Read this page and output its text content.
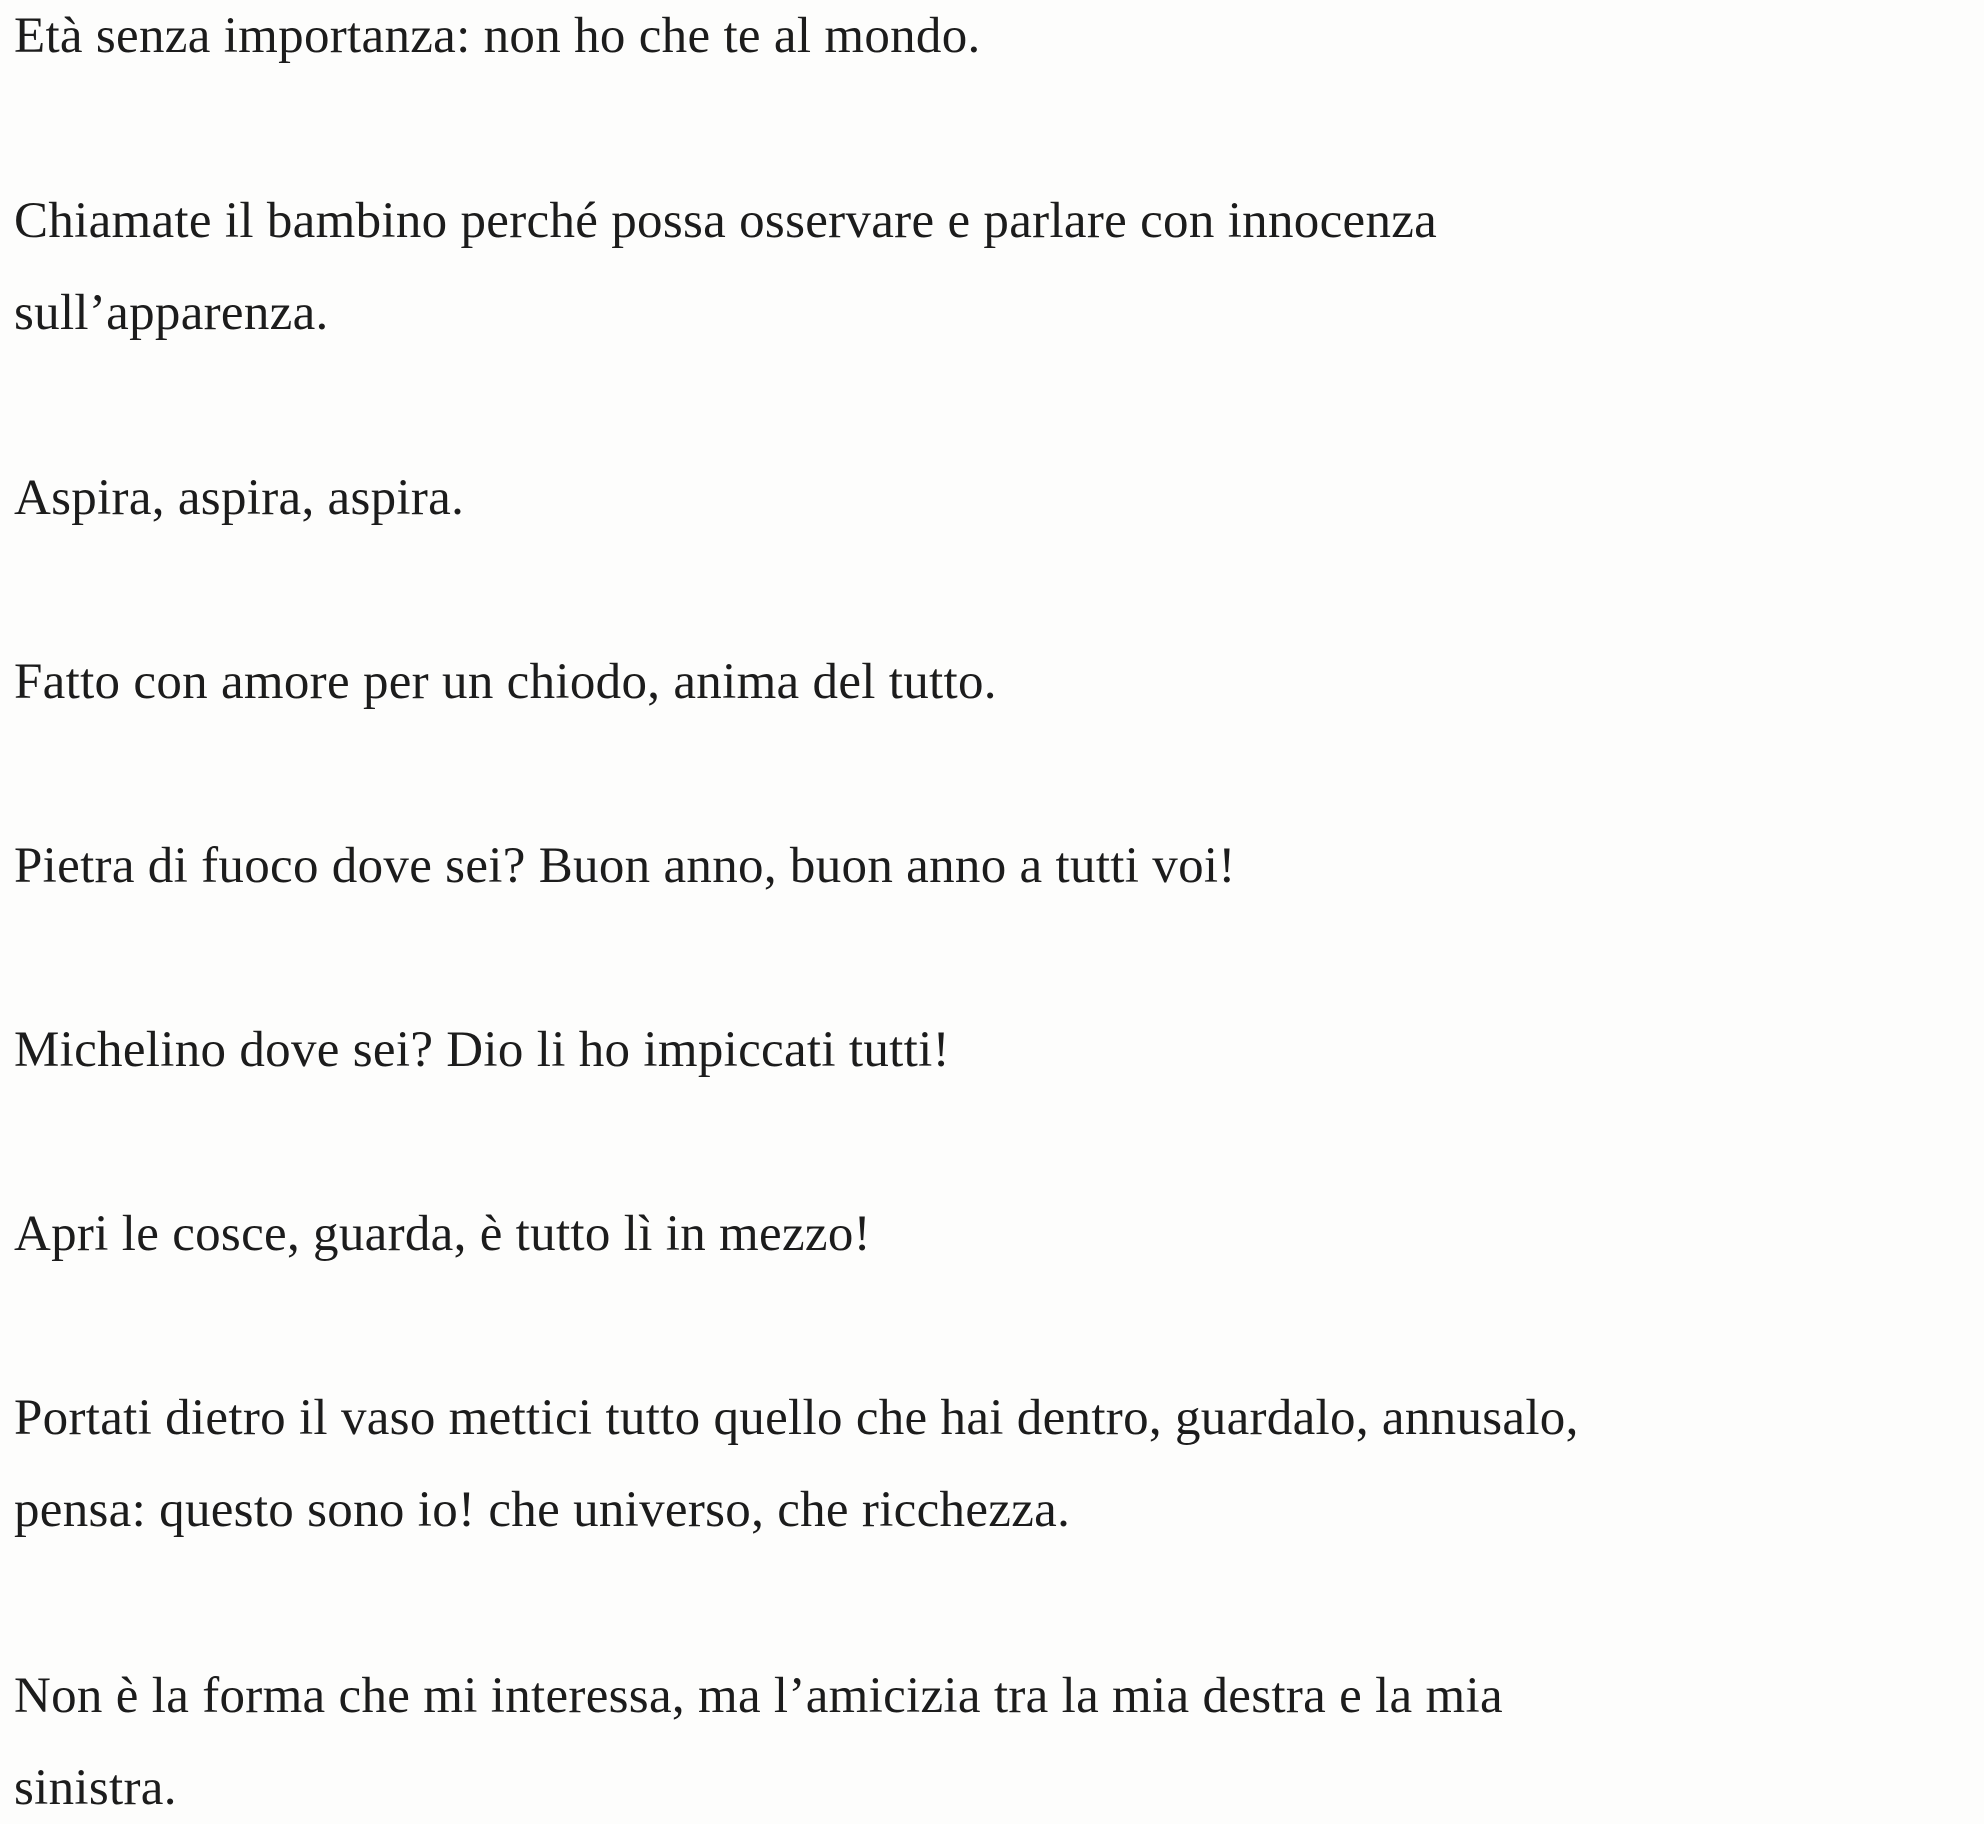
Età senza importanza: non ho che te al mondo.

Chiamate il bambino perché possa osservare e parlare con innocenza
sull’apparenza.

Aspira, aspira, aspira.

Fatto con amore per un chiodo, anima del tutto.

Pietra di fuoco dove sei? Buon anno, buon anno a tutti voi!

Michelino dove sei? Dio li ho impiccati tutti!

Apri le cosce, guarda, è tutto lì in mezzo!

Portati dietro il vaso mettici tutto quello che hai dentro, guardalo, annusalo,
pensa: questo sono io! che universo, che ricchezza.

Non è la forma che mi interessa, ma l’amicizia tra la mia destra e la mia
sinistra.
